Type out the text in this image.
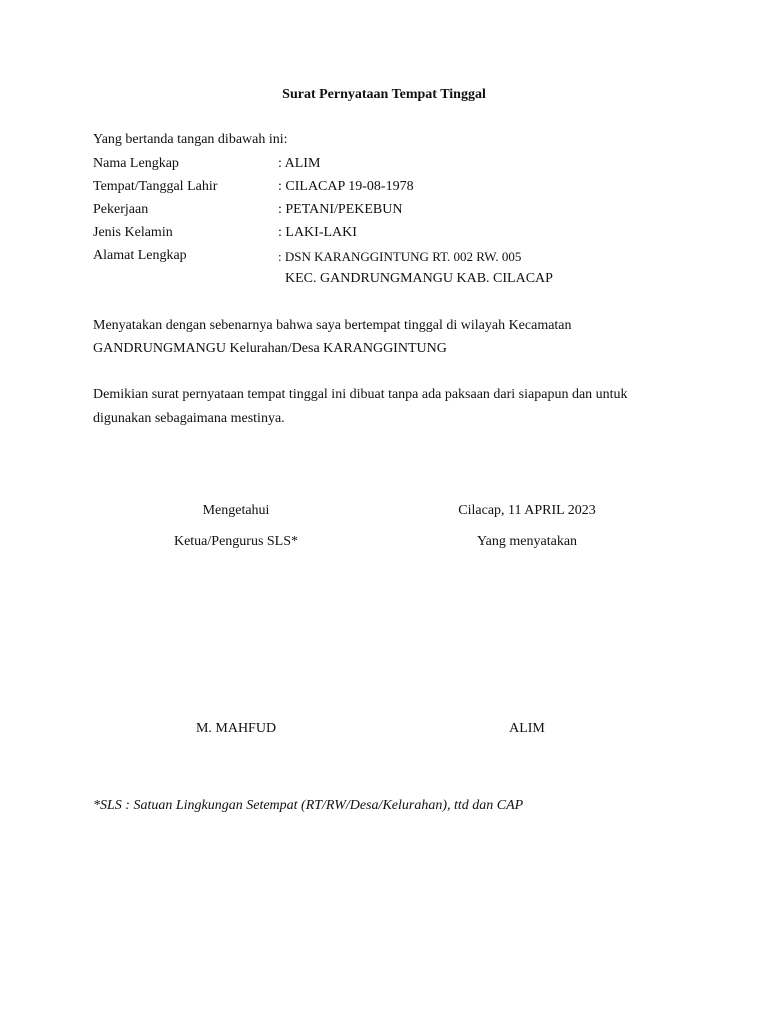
Surat Pernyataan Tempat Tinggal
Yang bertanda tangan dibawah ini:
Nama Lengkap	: ALIM
Tempat/Tanggal Lahir	: CILACAP 19-08-1978
Pekerjaan	: PETANI/PEKEBUN
Jenis Kelamin	: LAKI-LAKI
Alamat Lengkap	: DSN KARANGGINTUNG RT. 002 RW. 005
KEC. GANDRUNGMANGU KAB. CILACAP
Menyatakan dengan sebenarnya bahwa saya bertempat tinggal di wilayah Kecamatan
GANDRUNGMANGU Kelurahan/Desa KARANGGINTUNG
Demikian surat pernyataan tempat tinggal ini dibuat tanpa ada paksaan dari siapapun dan untuk
digunakan sebagaimana mestinya.
Mengetahui	Cilacap, 11 APRIL 2023
Ketua/Pengurus SLS*	Yang menyatakan
M. MAHFUD	ALIM
*SLS : Satuan Lingkungan Setempat (RT/RW/Desa/Kelurahan), ttd dan CAP
